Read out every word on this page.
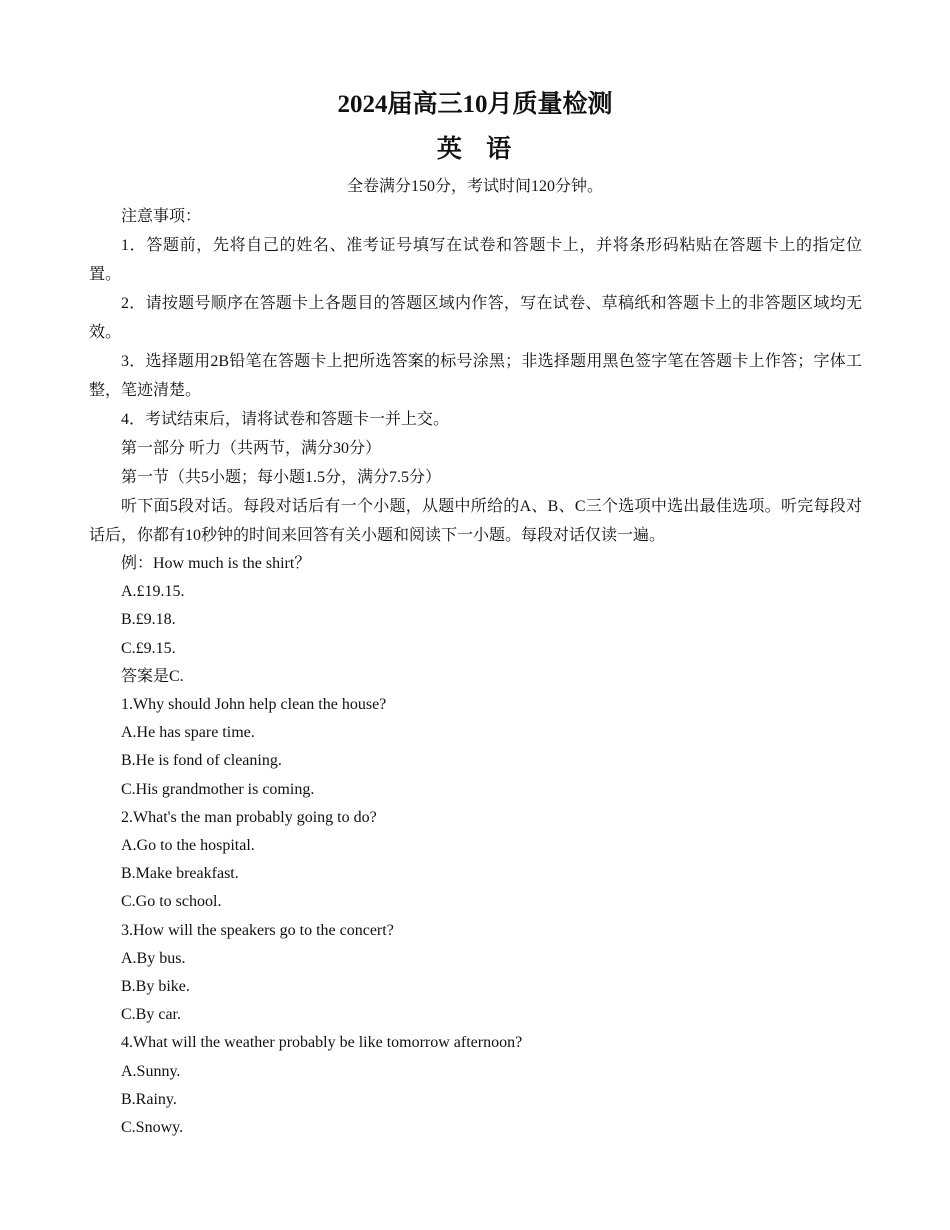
2024届高三10月质量检测
英 语
全卷满分150分，考试时间120分钟。
注意事项：
1．答题前，先将自己的姓名、准考证号填写在试卷和答题卡上，并将条形码粘贴在答题卡上的指定位置。
2．请按题号顺序在答题卡上各题目的答题区域内作答，写在试卷、草稿纸和答题卡上的非答题区域均无效。
3．选择题用2B铅笔在答题卡上把所选答案的标号涂黑；非选择题用黑色签字笔在答题卡上作答；字体工整，笔迹清楚。
4．考试结束后，请将试卷和答题卡一并上交。
第一部分 听力（共两节，满分30分）
第一节（共5小题；每小题1.5分，满分7.5分）
听下面5段对话。每段对话后有一个小题，从题中所给的A、B、C三个选项中选出最佳选项。听完每段对话后，你都有10秒钟的时间来回答有关小题和阅读下一小题。每段对话仅读一遍。
例：How much is the shirt？
A.£19.15.
B.£9.18.
C.£9.15.
答案是C.
1.Why should John help clean the house?
A.He has spare time.
B.He is fond of cleaning.
C.His grandmother is coming.
2.What's the man probably going to do?
A.Go to the hospital.
B.Make breakfast.
C.Go to school.
3.How will the speakers go to the concert?
A.By bus.
B.By bike.
C.By car.
4.What will the weather probably be like tomorrow afternoon?
A.Sunny.
B.Rainy.
C.Snowy.
